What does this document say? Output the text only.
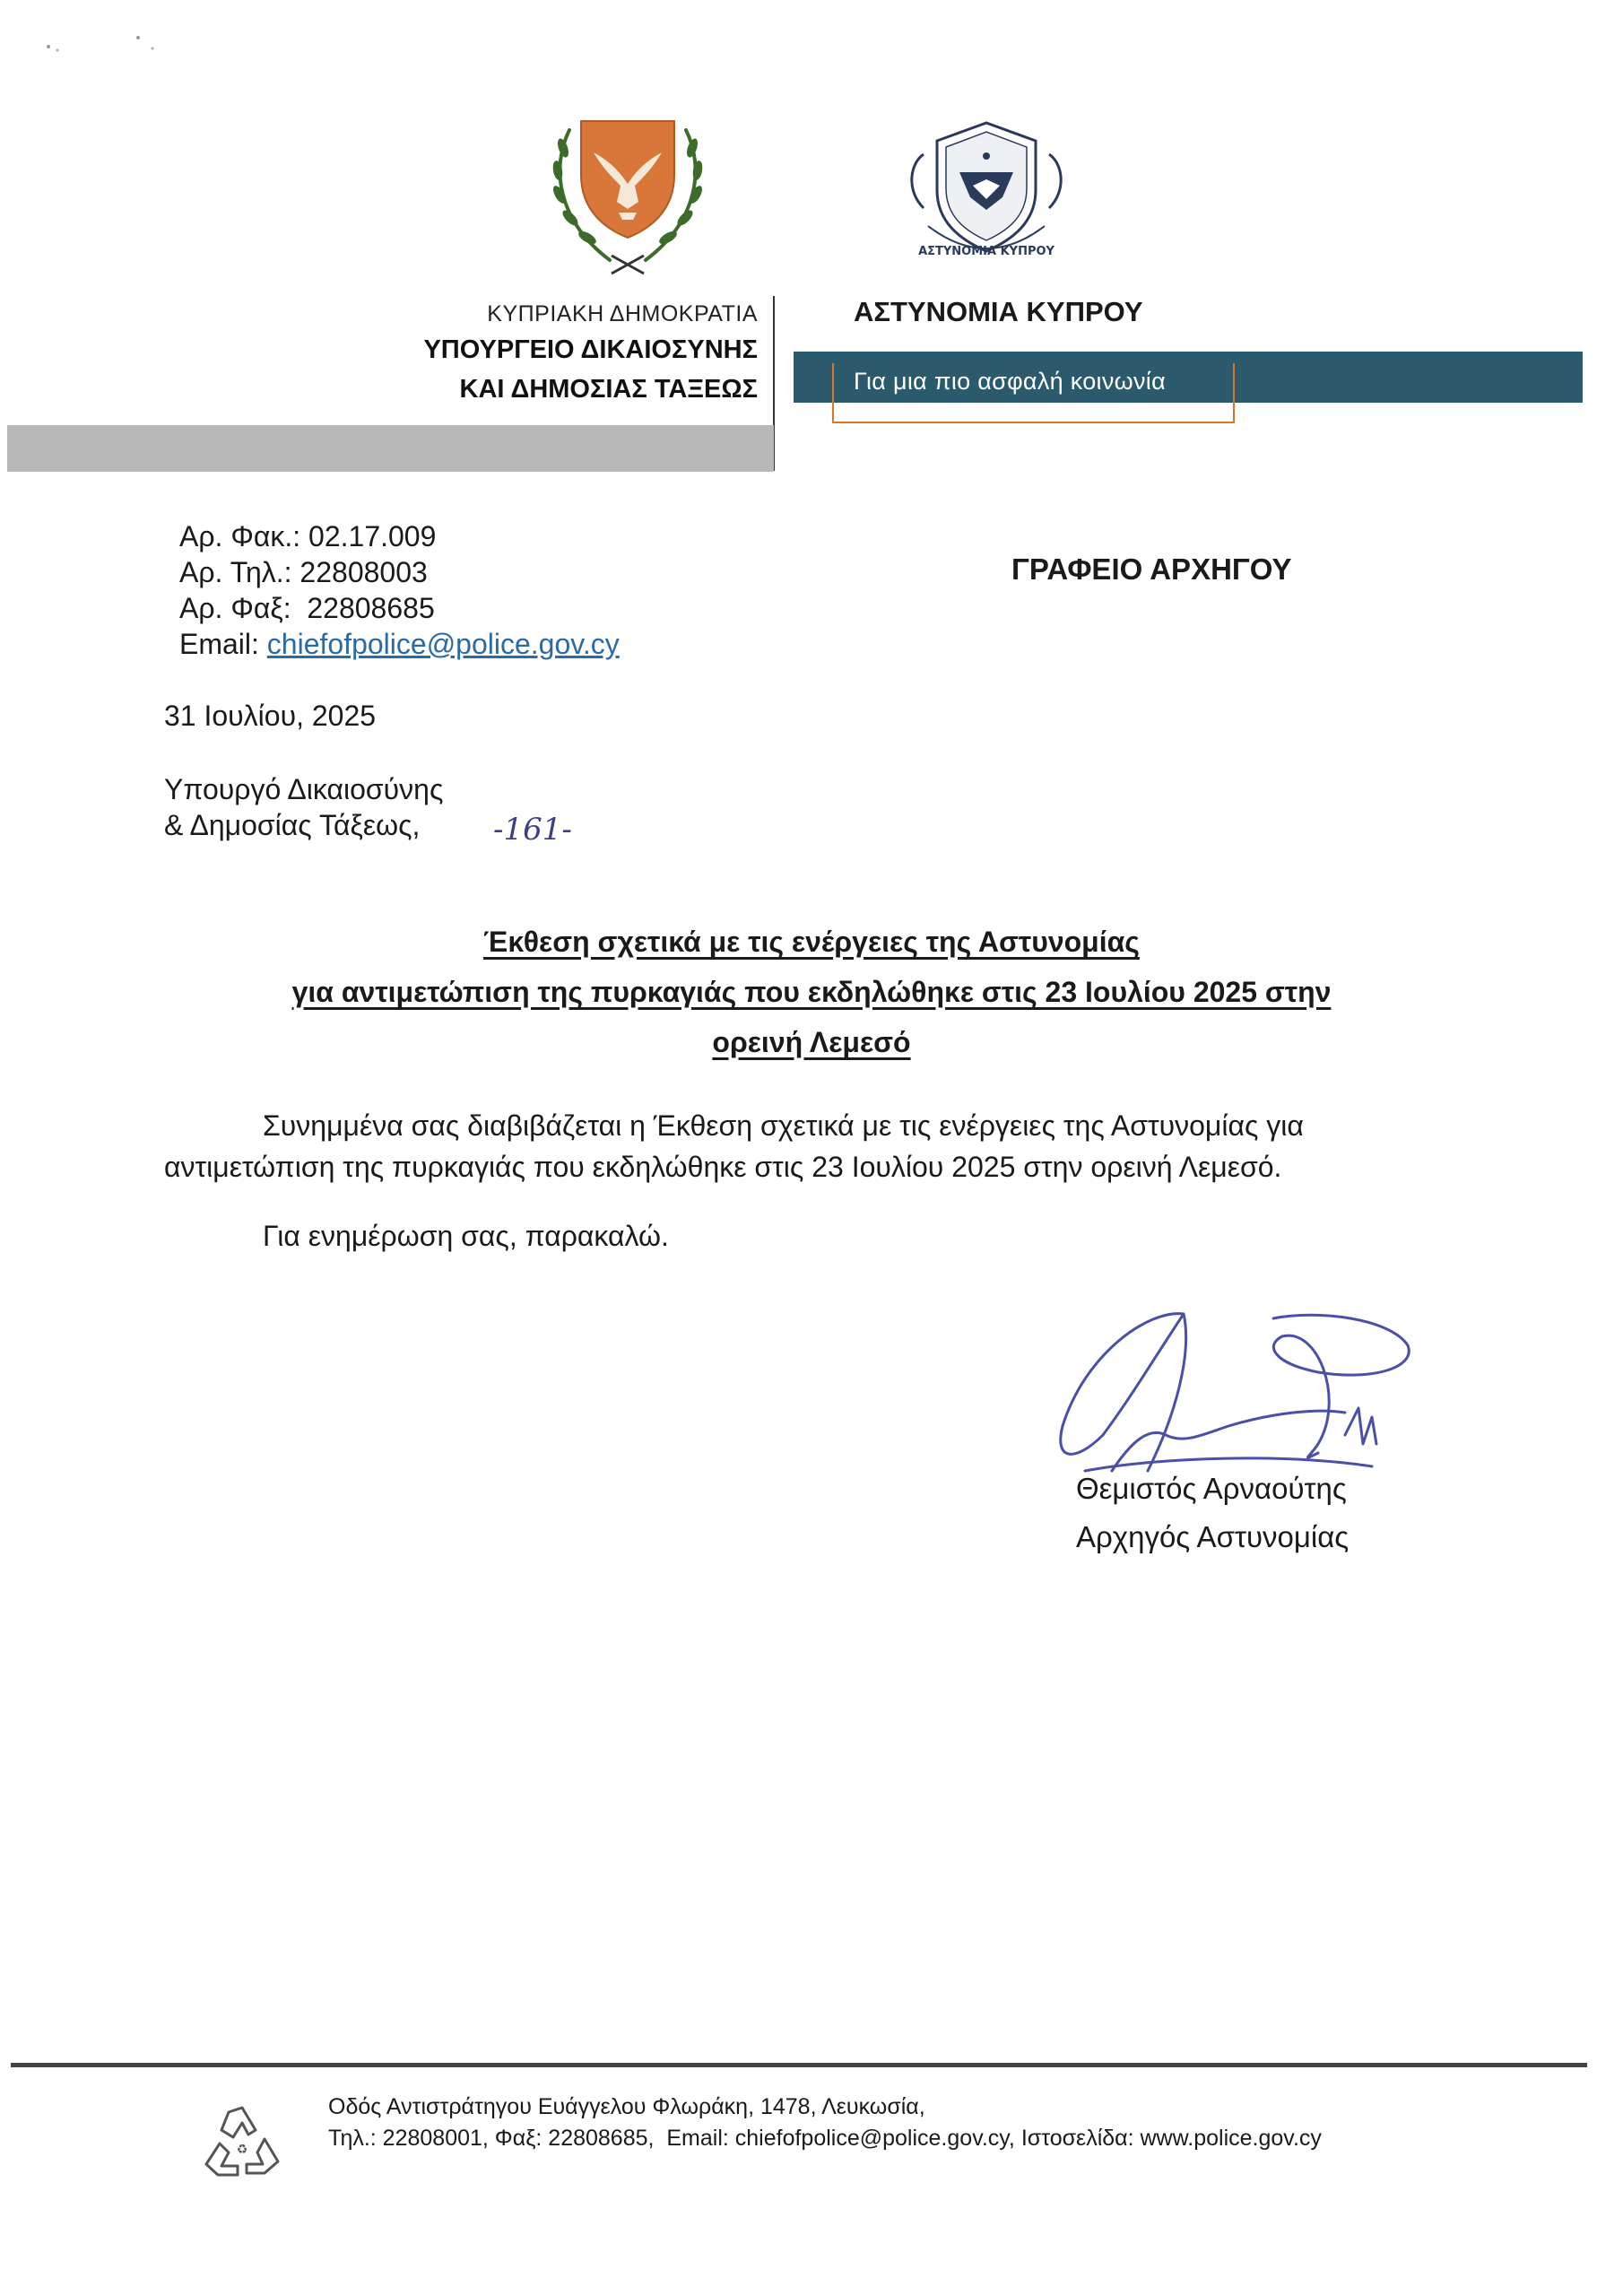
ΑΣΤΥΝΟΜΙΑ ΚΥΠΡΟΥ
ΚΥΠΡΙΑΚΗ ΔΗΜΟΚΡΑΤΙΑ
ΥΠΟΥΡΓΕΙΟ ΔΙΚΑΙΟΣΥΝΗΣ
ΚΑΙ ΔΗΜΟΣΙΑΣ ΤΑΞΕΩΣ
ΑΣΤΥΝΟΜΙΑ ΚΥΠΡΟΥ
Για μια πιο ασφαλή κοινωνία
Αρ. Φακ.: 02.17.009
Αρ. Τηλ.: 22808003
Αρ. Φαξ:  22808685
Email: chiefofpolice@police.gov.cy
ΓΡΑΦΕΙΟ ΑΡΧΗΓΟΥ
31 Ιουλίου, 2025
Υπουργό Δικαιοσύνης
& Δημοσίας Τάξεως,	-161-
Έκθεση σχετικά με τις ενέργειες της Αστυνομίας
για αντιμετώπιση της πυρκαγιάς που εκδηλώθηκε στις 23 Ιουλίου 2025 στην
ορεινή Λεμεσό
Συνημμένα σας διαβιβάζεται η Έκθεση σχετικά με τις ενέργειες της Αστυνομίας για αντιμετώπιση της πυρκαγιάς που εκδηλώθηκε στις 23 Ιουλίου 2025 στην ορεινή Λεμεσό.
Για ενημέρωση σας, παρακαλώ.
Θεμιστός Αρναούτης
Αρχηγός Αστυνομίας
♻
Οδός Αντιστράτηγου Ευάγγελου Φλωράκη, 1478, Λευκωσία,
Τηλ.: 22808001, Φαξ: 22808685,  Email: chiefofpolice@police.gov.cy, Ιστοσελίδα: www.police.gov.cy
